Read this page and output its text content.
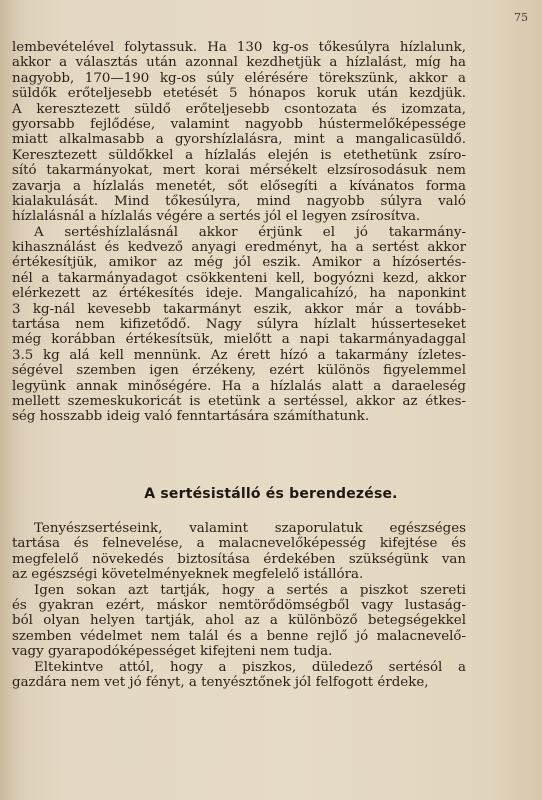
75
lembevételével folytassuk. Ha 130 kg-os tőkesúlyra hízlalunk,
akkor a választás után azonnal kezdhetjük a hízlalást, míg ha
nagyobb, 170—190 kg-os súly elérésére törekszünk, akkor a
süldők erőteljesebb etetését 5 hónapos koruk után kezdjük.
A keresztezett süldő erőteljesebb csontozata és izomzata,
gyorsabb fejlődése, valamint nagyobb hústermelőképessége
miatt alkalmasabb a gyorshízlalásra, mint a mangalicasüldő.
Keresztezett süldőkkel a hízlalás elején is etethetünk zsíro-
sító takarmányokat, mert korai mérsékelt elzsírosodásuk nem
zavarja a hízlalás menetét, sőt elősegíti a kívánatos forma
kialakulását. Mind tőkesúlyra, mind nagyobb súlyra való
hízlalásnál a hízlalás végére a sertés jól el legyen zsírosítva.
A sertéshízlalásnál akkor érjünk el jó takarmány-
kihasználást és kedvező anyagi eredményt, ha a sertést akkor
értékesítjük, amikor az még jól eszik. Amikor a hízósertés-
nél a takarmányadagot csökkenteni kell, bogyózni kezd, akkor
elérkezett az értékesítés ideje. Mangalicahízó, ha naponkint
3 kg-nál kevesebb takarmányt eszik, akkor már a tovább-
tartása nem kifizetődő. Nagy súlyra hízlalt hússerteseket
még korábban értékesítsük, mielőtt a napi takarmányadaggal
3.5 kg alá kell mennünk. Az érett hízó a takarmány ízletes-
ségével szemben igen érzékeny, ezért különös figyelemmel
legyünk annak minőségére. Ha a hízlalás alatt a daraeleség
mellett szemeskukoricát is etetünk a sertéssel, akkor az étkes-
ség hosszabb ideig való fenntartására számíthatunk.
A sertésistálló és berendezése.
Tenyészsertéseink, valamint szaporulatuk egészséges
tartása és felnevelése, a malacnevelőképesség kifejtése és
megfelelő növekedés biztosítása érdekében szükségünk van
az egészségi követelményeknek megfelelő istállóra.
Igen sokan azt tartják, hogy a sertés a piszkot szereti
és gyakran ezért, máskor nemtörődömségből vagy lustaság-
ból olyan helyen tartják, ahol az a különböző betegségekkel
szemben védelmet nem talál és a benne rejlő jó malacnevelő-
vagy gyarapodóképességet kifejteni nem tudja.
Eltekintve attól, hogy a piszkos, düledező sertésól a
gazdára nem vet jó fényt, a tenyésztőnek jól felfogott érdeke,
